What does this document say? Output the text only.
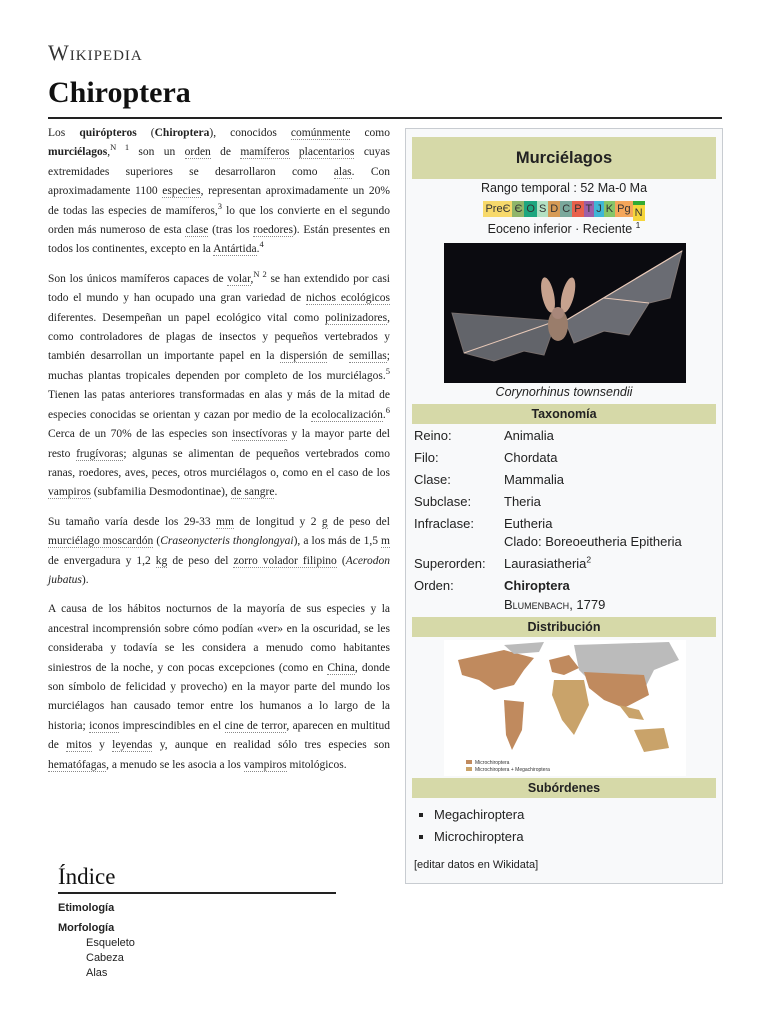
Wikipedia
Chiroptera

Los quirópteros (Chiroptera), conocidos comúnmente como murciélagos,$^{N 1}$ son un orden de mamíferos placentarios cuyas extremidades superiores se desarrollaron como alas. Con aproximadamente 1100 especies, representan aproximadamente un 20% de todas las especies de mamíferos,$^3$ lo que los convierte en el segundo orden más numeroso de esta clase (tras los roedores). Están presentes en todos los continentes, excepto en la Antártida.$^4$

Son los únicos mamíferos capaces de volar,$^{N 2}$ se han extendido por casi todo el mundo y han ocupado una gran variedad de nichos ecológicos diferentes. Desempeñan un papel ecológico vital como polinizadores, como controladores de plagas de insectos y pequeños vertebrados y también desarrollan un importante papel en la dispersión de semillas; muchas plantas tropicales dependen por completo de los murciélagos.$^5$ Tienen las patas anteriores transformadas en alas y más de la mitad de especies conocidas se orientan y cazan por medio de la ecolocalización.$^6$ Cerca de un 70% de las especies son insectívoras y la mayor parte del resto frugívoras; algunas se alimentan de pequeños vertebrados como ranas, roedores, aves, peces, otros murciélagos o, como en el caso de los vampiros (subfamilia Desmodontinae), de sangre.

Su tamaño varía desde los 29-33 mm de longitud y 2 g de peso del murciélago moscardón (Craseonycteris thonglongyai), a los más de 1,5 m de envergadura y 1,2 kg de peso del zorro volador filipino (Acerodon jubatus).

A causa de los hábitos nocturnos de la mayoría de sus especies y la ancestral incomprensión sobre cómo podían «ver» en la oscuridad, se les consideraba y todavía se les considera a menudo como habitantes siniestros de la noche, y con pocas excepciones (como en China, donde son símbolo de felicidad y provecho) en la mayor parte del mundo los murciélagos han causado temor entre los humanos a lo largo de la historia; iconos imprescindibles en el cine de terror, aparecen en multitud de mitos y leyendas y, aunque en realidad sólo tres especies son hematófagas, a menudo se les asocia a los vampiros mitológicos.

Índice
Etimología
Morfología
Esqueleto
Cabeza
Alas
Murciélagos
Rango temporal : 52 Ma-0 Ma
PreЄ Є O S D C P T J K Pg N
Eoceno inferior · Reciente $^1$
Corynorhinus townsendii
Taxonomía
Reino:	Animalia
Filo:	Chordata
Clase:	Mammalia
Subclase:	Theria
Infraclase: Eutheria
Clado: Boreoeutheria Epitheria
Superorden: Laurasiatheria$^2$
Orden:	Chiroptera
Blumenbach, 1779
Distribución
Microchiroptera
Microchiroptera + Megachiroptera
Subórdenes
▪ Megachiroptera
▪ Microchiroptera
[editar datos en Wikidata]
